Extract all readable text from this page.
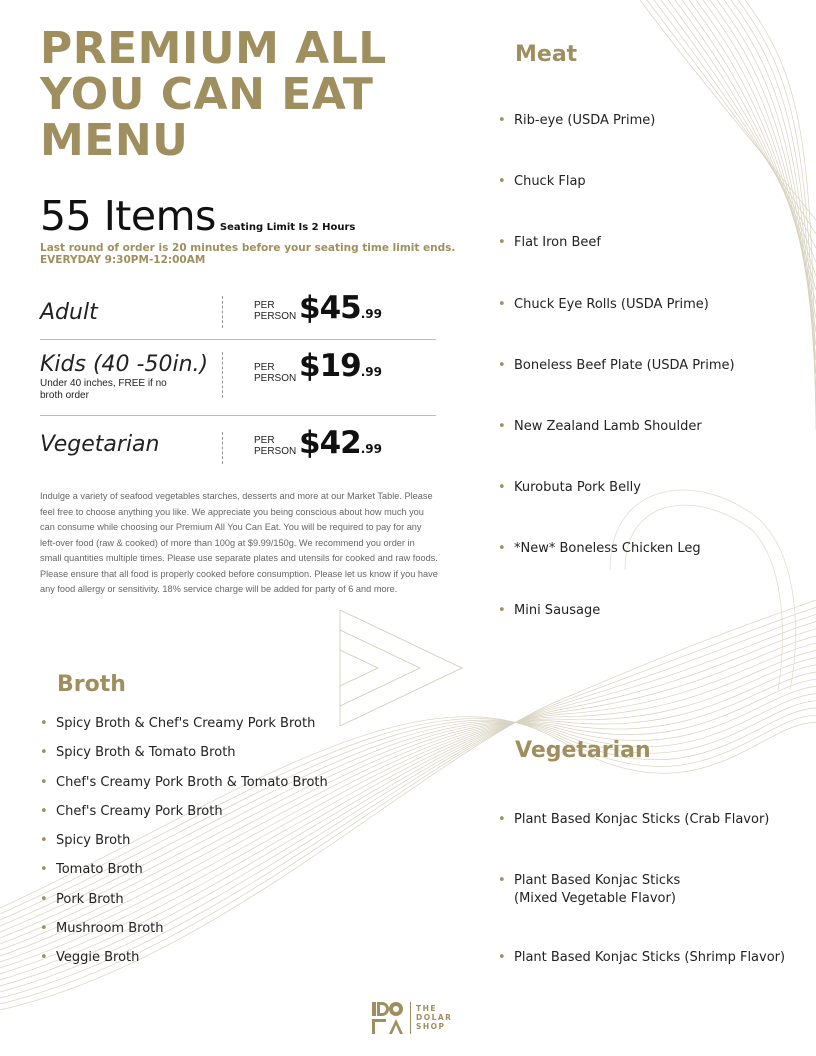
PREMIUM ALL YOU CAN EAT MENU
55 Items Seating Limit Is 2 Hours
Last round of order is 20 minutes before your seating time limit ends.
EVERYDAY 9:30PM-12:00AM
Adult	PER
PERSON $45.99
Kids (40 -50in.)
Under 40 inches, FREE if no broth order
PER
PERSON $19.99
Vegetarian	PER
PERSON $42.99
Indulge a variety of seafood vegetables starches, desserts and more at our Market Table. Please feel free to choose anything you like. We appreciate you being conscious about how much you can consume while choosing our Premium All You Can Eat. You will be required to pay for any left-over food (raw & cooked) of more than 100g at $9.99/150g. We recommend you order in small quantities multiple times. Please use separate plates and utensils for cooked and raw foods. Please ensure that all food is properly cooked before consumption. Please let us know if you have any food allergy or sensitivity. 18% service charge will be added for party of 6 and more.
Broth
• Spicy Broth & Chef's Creamy Pork Broth
• Spicy Broth & Tomato Broth
• Chef's Creamy Pork Broth & Tomato Broth
• Chef's Creamy Pork Broth
• Spicy Broth
• Tomato Broth
• Pork Broth
• Mushroom Broth
• Veggie Broth
Meat
• Rib-eye (USDA Prime)
• Chuck Flap
• Flat Iron Beef
• Chuck Eye Rolls (USDA Prime)
• Boneless Beef Plate (USDA Prime)
• New Zealand Lamb Shoulder
• Kurobuta Pork Belly
• *New* Boneless Chicken Leg
• Mini Sausage
Vegetarian
• Plant Based Konjac Sticks (Crab Flavor)
• Plant Based Konjac Sticks
(Mixed Vegetable Flavor)
• Plant Based Konjac Sticks (Shrimp Flavor)
THE
DOLAR
SHOP
